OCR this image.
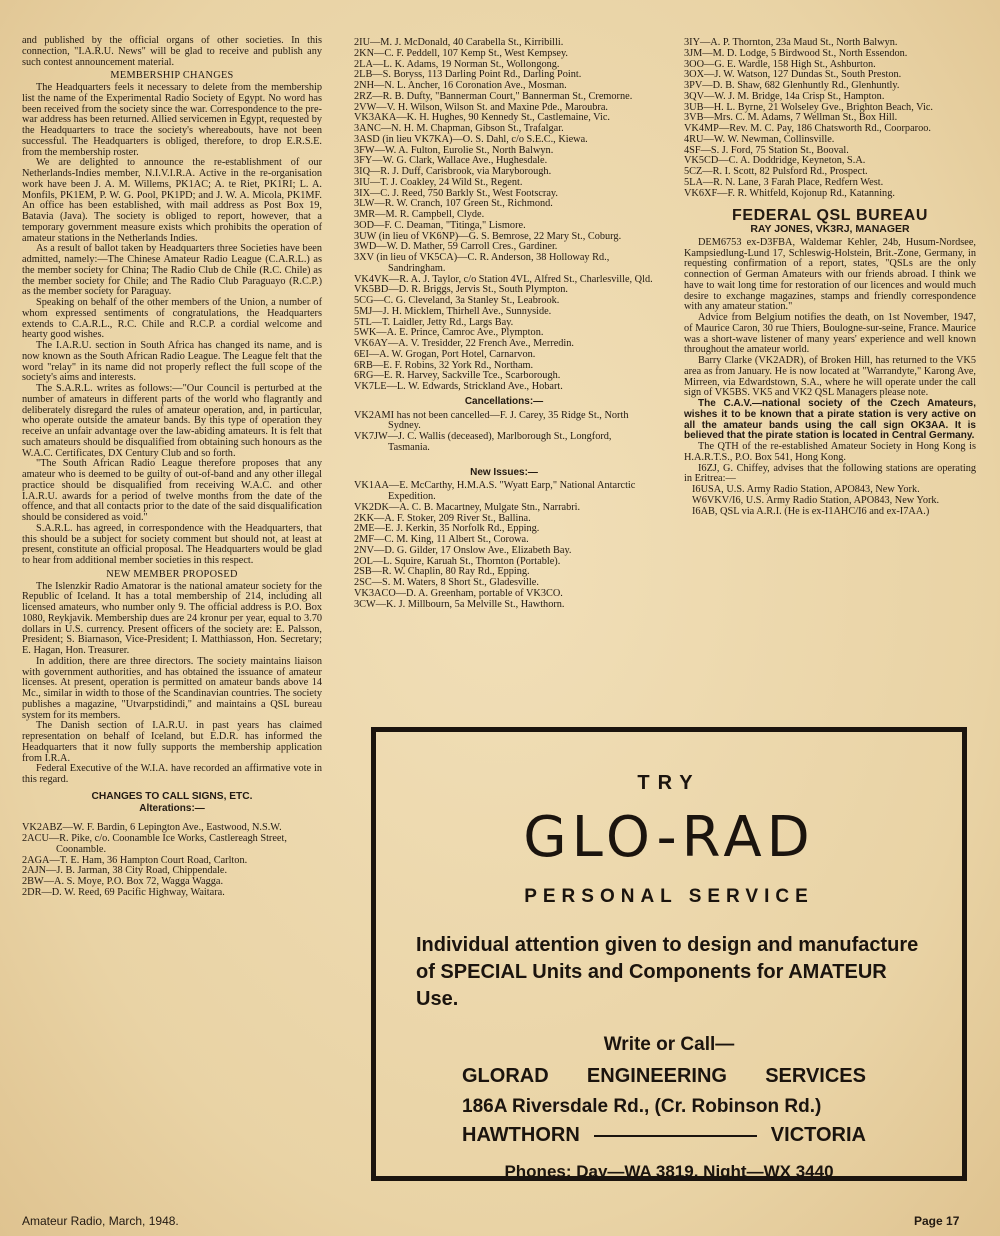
and published by the official organs of other societies. In this connection, "I.A.R.U. News" will be glad to receive and publish any such contest announcement material.

MEMBERSHIP CHANGES

The Headquarters feels it necessary to delete from the membership list the name of the Experimental Radio Society of Egypt. No word has been received from the society since the war. Correspondence to the pre-war address has been returned. Allied servicemen in Egypt, requested by the Headquarters to trace the society's whereabouts, have not been successful. The Headquarters is obliged, therefore, to drop E.R.S.E. from the membership roster.

We are delighted to announce the re-establishment of our Netherlands-Indies member, N.I.V.I.R.A. Active in the re-organisation work have been J. A. M. Willems, PK1AC; A. te Riet, PK1RI; L. A. Monfils, PK1EM, P. W. G. Pool, PK1PD; and J. W. A. Micola, PK1MF. An office has been established, with mail address as Post Box 19, Batavia (Java). The society is obliged to report, however, that a temporary government measure exists which prohibits the operation of amateur stations in the Netherlands Indies.

As a result of ballot taken by Headquarters three Societies have been admitted, namely:—The Chinese Amateur Radio League (C.A.R.L.) as the member society for China; The Radio Club de Chile (R.C. Chile) as the member society for Chile; and The Radio Club Paraguayo (R.C.P.) as the member society for Paraguay.

Speaking on behalf of the other members of the Union, a number of whom expressed sentiments of congratulations, the Headquarters extends to C.A.R.L., R.C. Chile and R.C.P. a cordial welcome and hearty good wishes.

The I.A.R.U. section in South Africa has changed its name, and is now known as the South African Radio League. The League felt that the word "relay" in its name did not properly reflect the full scope of the society's aims and interests.

The S.A.R.L. writes as follows:—"Our Council is perturbed at the number of amateurs in different parts of the world who flagrantly and deliberately disregard the rules of amateur operation, and, in particular, who operate outside the amateur bands. By this type of operation they receive an unfair advantage over the law-abiding amateurs. It is felt that such amateurs should be disqualified from obtaining such honours as the W.A.C. Certificates, DX Century Club and so forth.

"The South African Radio League therefore proposes that any amateur who is deemed to be guilty of out-of-band and any other illegal practice should be disqualified from receiving W.A.C. and other I.A.R.U. awards for a period of twelve months from the date of the offence, and that all contacts prior to the date of the said disqualification should be considered as void."

S.A.R.L. has agreed, in correspondence with the Headquarters, that this should be a subject for society comment but should not, at least at present, constitute an official proposal. The Headquarters would be glad to hear from additional member societies in this respect.

NEW MEMBER PROPOSED

The Islenzkir Radio Amatorar is the national amateur society for the Republic of Iceland. It has a total membership of 214, including all licensed amateurs, who number only 9. The official address is P.O. Box 1080, Reykjavik. Membership dues are 24 kronur per year, equal to 3.70 dollars in U.S. currency. Present officers of the society are: E. Palsson, President; S. Biarnason, Vice-President; I. Matthiasson, Hon. Secretary; E. Hagan, Hon. Treasurer.

In addition, there are three directors. The society maintains liaison with government authorities, and has obtained the issuance of amateur licenses. At present, operation is permitted on amateur bands above 14 Mc., similar in width to those of the Scandinavian countries. The society publishes a magazine, "Utvarpstidindi," and maintains a QSL bureau system for its members.

The Danish section of I.A.R.U. in past years has claimed representation on behalf of Iceland, but E.D.R. has informed the Headquarters that it now fully supports the membership application from I.R.A.

Federal Executive of the W.I.A. have recorded an affirmative vote in this regard.

CHANGES TO CALL SIGNS, ETC.

Alterations:—

VK2ABZ—W. F. Bardin, 6 Lepington Ave., Eastwood, N.S.W.

2ACU—R. Pike, c/o. Coonamble Ice Works, Castlereagh Street, Coonamble.

2AGA—T. E. Ham, 36 Hampton Court Road, Carlton.

2AJN—J. B. Jarman, 38 City Road, Chippendale.

2BW—A. S. Moye, P.O. Box 72, Wagga Wagga.

2DR—D. W. Reed, 69 Pacific Highway, Waitara.

2IU—M. J. McDonald, 40 Carabella St., Kirribilli.

2KN—C. F. Peddell, 107 Kemp St., West Kempsey.

2LA—L. K. Adams, 19 Norman St., Wollongong.

2LB—S. Boryss, 113 Darling Point Rd., Darling Point.

2NH—N. L. Ancher, 16 Coronation Ave., Mosman.

2RZ—R. B. Dufty, "Bannerman Court," Bannerman St., Cremorne.

2VW—V. H. Wilson, Wilson St. and Maxine Pde., Maroubra.

VK3AKA—K. H. Hughes, 90 Kennedy St., Castlemaine, Vic.

3ANC—N. H. M. Chapman, Gibson St., Trafalgar.

3ASD (in lieu VK7KA)—O. S. Dahl, c/o S.E.C., Kiewa.

3FW—W. A. Fulton, Eurolie St., North Balwyn.

3FY—W. G. Clark, Wallace Ave., Hughesdale.

3IQ—R. J. Duff, Carisbrook, via Maryborough.

3IU—T. J. Coakley, 24 Wild St., Regent.

3IX—C. J. Reed, 750 Barkly St., West Footscray.

3LW—R. W. Cranch, 107 Green St., Richmond.

3MR—M. R. Campbell, Clyde.

3OD—F. C. Deaman, "Titinga," Lismore.

3UW (in lieu of VK6NP)—G. S. Bemrose, 22 Mary St., Coburg.

3WD—W. D. Mather, 59 Carroll Cres., Gardiner.

3XV (in lieu of VK5CA)—C. R. Anderson, 38 Holloway Rd., Sandringham.

VK4VK—R. A. J. Taylor, c/o Station 4VL, Alfred St., Charlesville, Qld.

VK5BD—D. R. Briggs, Jervis St., South Plympton.

5CG—C. G. Cleveland, 3a Stanley St., Leabrook.

5MJ—J. H. Micklem, Thirhell Ave., Sunnyside.

5TL—T. Laidler, Jetty Rd., Largs Bay.

5WK—A. E. Prince, Camroc Ave., Plympton.

VK6AY—A. V. Tresidder, 22 French Ave., Merredin.

6EI—A. W. Grogan, Port Hotel, Carnarvon.

6RB—E. F. Robins, 32 York Rd., Northam.

6RG—E. R. Harvey, Sackville Tce., Scarborough.

VK7LE—L. W. Edwards, Strickland Ave., Hobart.

Cancellations:—

VK2AMI has not been cancelled—F. J. Carey, 35 Ridge St., North Sydney.

VK7JW—J. C. Wallis (deceased), Marlborough St., Longford, Tasmania.

New Issues:—

VK1AA—E. McCarthy, H.M.A.S. "Wyatt Earp," National Antarctic Expedition.

VK2DK—A. C. B. Macartney, Mulgate Stn., Narrabri.

2KK—A. F. Stoker, 209 River St., Ballina.

2ME—E. J. Kerkin, 35 Norfolk Rd., Epping.

2MF—C. M. King, 11 Albert St., Corowa.

2NV—D. G. Gilder, 17 Onslow Ave., Elizabeth Bay.

2OL—L. Squire, Karuah St., Thornton (Portable).

2SB—R. W. Chaplin, 80 Ray Rd., Epping.

2SC—S. M. Waters, 8 Short St., Gladesville.

VK3ACO—D. A. Greenham, portable of VK3CO.

3CW—K. J. Millbourn, 5a Melville St., Hawthorn.

3IY—A. P. Thornton, 23a Maud St., North Balwyn.

3JM—M. D. Lodge, 5 Birdwood St., North Essendon.

3OO—G. E. Wardle, 158 High St., Ashburton.

3OX—J. W. Watson, 127 Dundas St., South Preston.

3PV—D. B. Shaw, 682 Glenhuntly Rd., Glenhuntly.

3QV—W. J. M. Bridge, 14a Crisp St., Hampton.

3UB—H. L. Byrne, 21 Wolseley Gve., Brighton Beach, Vic.

3VB—Mrs. C. M. Adams, 7 Wellman St., Box Hill.

VK4MP—Rev. M. C. Pay, 186 Chatsworth Rd., Coorparoo.

4RU—W. W. Newman, Collinsville.

4SF—S. J. Ford, 75 Station St., Booval.

VK5CD—C. A. Doddridge, Keyneton, S.A.

5CZ—R. I. Scott, 82 Pulsford Rd., Prospect.

5LA—R. N. Lane, 3 Farah Place, Redfern West.

VK6XF—F. R. Whitfeld, Kojonup Rd., Katanning.

FEDERAL QSL BUREAU

RAY JONES, VK3RJ, MANAGER

DEM6753 ex-D3FBA, Waldemar Kehler, 24b, Husum-Nordsee, Kampsiedlung-Lund 17, Schleswig-Holstein, Brit.-Zone, Germany, in requesting confirmation of a report, states, "QSLs are the only connection of German Amateurs with our friends abroad. I think we have to wait long time for restoration of our licences and would much desire to exchange magazines, stamps and friendly correspondence with any amateur station."

Advice from Belgium notifies the death, on 1st November, 1947, of Maurice Caron, 30 rue Thiers, Boulogne-sur-seine, France. Maurice was a short-wave listener of many years' experience and well known throughout the amateur world.

Barry Clarke (VK2ADR), of Broken Hill, has returned to the VK5 area as from January. He is now located at "Warrandyte," Karong Ave, Mirreen, via Edwardstown, S.A., where he will operate under the call sign of VK5BS. VK5 and VK2 QSL Managers please note.

The C.A.V.—national society of the Czech Amateurs, wishes it to be known that a pirate station is very active on all the amateur bands using the call sign OK3AA. It is believed that the pirate station is located in Central Germany.

The QTH of the re-established Amateur Society in Hong Kong is H.A.R.T.S., P.O. Box 541, Hong Kong.

I6ZJ, G. Chiffey, advises that the following stations are operating in Eritrea:—

I6USA, U.S. Army Radio Station, APO843, New York.

W6VKV/I6, U.S. Army Radio Station, APO843, New York.

I6AB, QSL via A.R.I. (He is ex-I1AHC/I6 and ex-I7AA.)

TRY
GLO-RAD
PERSONAL SERVICE
Individual attention given to design and manufacture of SPECIAL Units and Components for AMATEUR Use.
Write or Call—
GLORAD ENGINEERING SERVICES
186A Riversdale Rd., (Cr. Robinson Rd.)
HAWTHORN	VICTORIA
Phones: Day—WA 3819. Night—WX 3440
Amateur Radio, March, 1948.	Page 17
